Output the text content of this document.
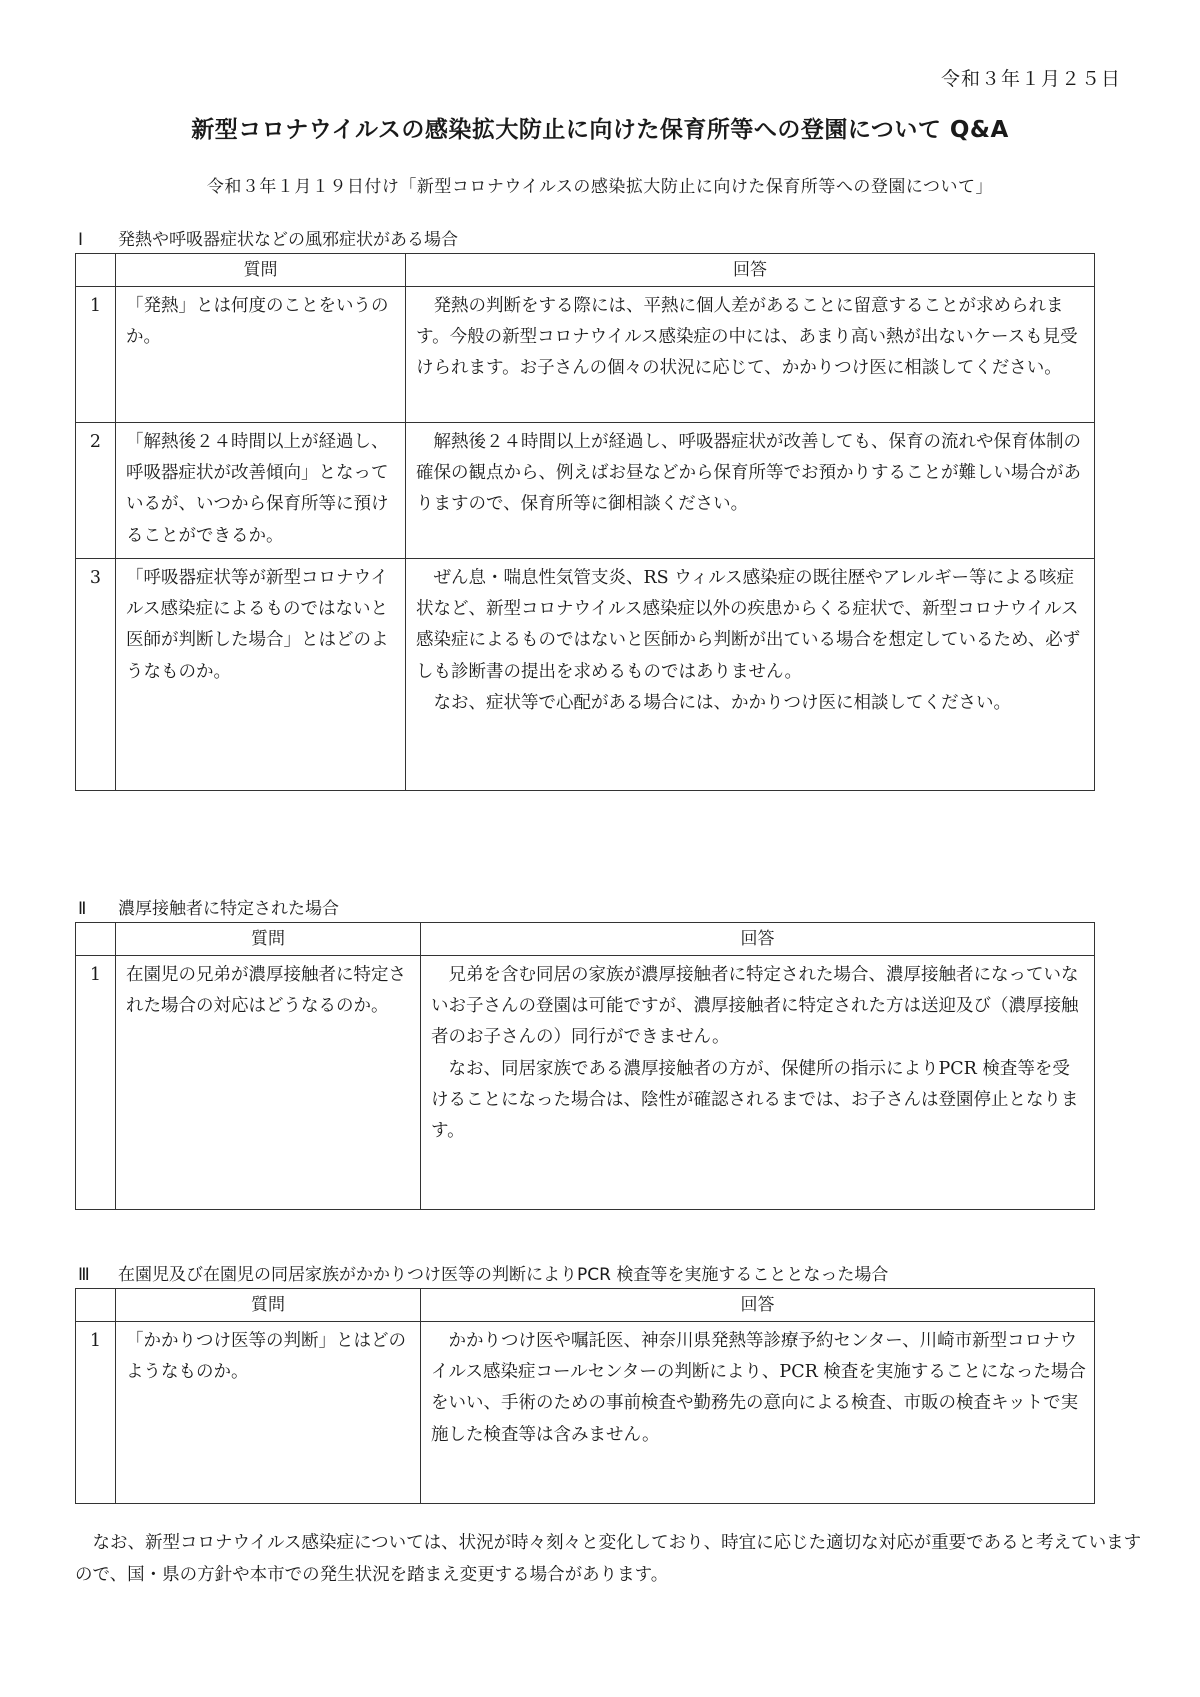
令和３年１月２５日
新型コロナウイルスの感染拡大防止に向けた保育所等への登園について Q&A
令和３年１月１９日付け「新型コロナウイルスの感染拡大防止に向けた保育所等への登園について」
Ⅰ 発熱や呼吸器症状などの風邪症状がある場合
	質問	回答
1	「発熱」とは何度のことをいうのか。	発熱の判断をする際には、平熱に個人差があることに留意することが求められます。今般の新型コロナウイルス感染症の中には、あまり高い熱が出ないケースも見受けられます。お子さんの個々の状況に応じて、かかりつけ医に相談してください。

2	「解熱後２４時間以上が経過し、呼吸器症状が改善傾向」となっているが、いつから保育所等に預けることができるか。	解熱後２４時間以上が経過し、呼吸器症状が改善しても、保育の流れや保育体制の確保の観点から、例えばお昼などから保育所等でお預かりすることが難しい場合がありますので、保育所等に御相談ください。

3	「呼吸器症状等が新型コロナウイルス感染症によるものではないと医師が判断した場合」とはどのようなものか。	ぜん息・喘息性気管支炎、RS ウィルス感染症の既往歴やアレルギー等による咳症状など、新型コロナウイルス感染症以外の疾患からくる症状で、新型コロナウイルス感染症によるものではないと医師から判断が出ている場合を想定しているため、必ずしも診断書の提出を求めるものではありません。

なお、症状等で心配がある場合には、かかりつけ医に相談してください。

Ⅱ 濃厚接触者に特定された場合
	質問	回答
1	在園児の兄弟が濃厚接触者に特定された場合の対応はどうなるのか。	兄弟を含む同居の家族が濃厚接触者に特定された場合、濃厚接触者になっていないお子さんの登園は可能ですが、濃厚接触者に特定された方は送迎及び（濃厚接触者のお子さんの）同行ができません。

なお、同居家族である濃厚接触者の方が、保健所の指示によりPCR 検査等を受けることになった場合は、陰性が確認されるまでは、お子さんは登園停止となります。

Ⅲ 在園児及び在園児の同居家族がかかりつけ医等の判断によりPCR 検査等を実施することとなった場合
	質問	回答
1	「かかりつけ医等の判断」とはどのようなものか。	かかりつけ医や嘱託医、神奈川県発熱等診療予約センター、川崎市新型コロナウイルス感染症コールセンターの判断により、PCR 検査を実施することになった場合をいい、手術のための事前検査や勤務先の意向による検査、市販の検査キットで実施した検査等は含みません。

なお、新型コロナウイルス感染症については、状況が時々刻々と変化しており、時宜に応じた適切な対応が重要であると考えていますので、国・県の方針や本市での発生状況を踏まえ変更する場合があります。
